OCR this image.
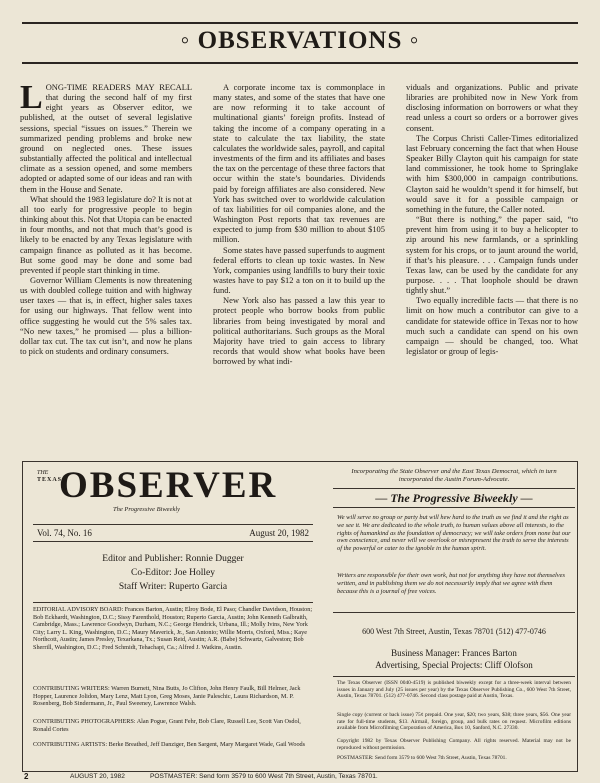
◦ OBSERVATIONS ◦

LONG-TIME READERS MAY RECALL that during the second half of my first eight years as Observer editor, we published, at the outset of several legislative sessions, special “issues on issues.” Therein we summarized pending problems and broke new ground on neglected ones. These issues substantially affected the political and intellectual climate as a session opened, and some members adopted or adapted some of our ideas and ran with them in the House and Senate.

What should the 1983 legislature do? It is not at all too early for progressive people to begin thinking about this. Not that Utopia can be enacted in four months, and not that much that’s good is likely to be enacted by any Texas legislature with campaign finance as polluted as it has become. But some good may be done and some bad prevented if people start thinking in time.

Governor William Clements is now threatening us with doubled college tuition and with highway user taxes — that is, in effect, higher sales taxes for using our highways. That fellow went into office suggesting he would cut the 5% sales tax. “No new taxes,” he promised — plus a billion-dollar tax cut. The tax cut isn’t, and now he plans to pick on students and ordinary consumers.

A corporate income tax is commonplace in many states, and some of the states that have one are now reforming it to take account of multinational giants’ foreign profits. Instead of taking the income of a company operating in a state to calculate the tax liability, the state calculates the worldwide sales, payroll, and capital investments of the firm and its affiliates and bases the tax on the percentage of these three factors that occur within the state’s boundaries. Dividends paid by foreign affiliates are also considered. New York has switched over to worldwide calculation of tax liabilities for oil companies alone, and the Washington Post reports that tax revenues are expected to jump from $30 million to about $105 million.

Some states have passed superfunds to augment federal efforts to clean up toxic wastes. In New York, companies using landfills to bury their toxic wastes have to pay $12 a ton on it to build up the fund.

New York also has passed a law this year to protect people who borrow books from public libraries from being investigated by moral and political authoritarians. Such groups as the Moral Majority have tried to gain access to library records that would show what books have been borrowed by what indi-

viduals and organizations. Public and private libraries are prohibited now in New York from disclosing information on borrowers or what they read unless a court so orders or a borrower gives consent.

The Corpus Christi Caller-Times editorialized last February concerning the fact that when House Speaker Billy Clayton quit his campaign for state land commissioner, he took home to Springlake with him $300,000 in campaign contributions. Clayton said he wouldn’t spend it for himself, but would save it for a possible campaign or something in the future, the Caller noted.

“But there is nothing,” the paper said, “to prevent him from using it to buy a helicopter to zip around his new farmlands, or a sprinkling system for his crops, or to jaunt around the world, if that’s his pleasure. . . . Campaign funds under Texas law, can be used by the candidate for any purpose. . . . That loophole should be drawn tightly shut.”

Two equally incredible facts — that there is no limit on how much a contributor can give to a candidate for statewide office in Texas nor to how much such a candidate can spend on his own campaign — should be changed, too. What legislator or group of legis-

THE
TEXAS
OBSERVER
The Progressive Biweekly
Vol. 74, No. 16	August 20, 1982
Editor and Publisher: Ronnie Dugger
Co-Editor: Joe Holley
Staff Writer: Ruperto Garcia
EDITORIAL ADVISORY BOARD: Frances Barton, Austin; Elroy Bode, El Paso; Chandler Davidson, Houston; Bob Eckhardt, Washington, D.C.; Sissy Farenthold, Houston; Ruperto Garcia, Austin; John Kenneth Galbraith, Cambridge, Mass.; Lawrence Goodwyn, Durham, N.C.; George Hendrick, Urbana, Ill.; Molly Ivins, New York City; Larry L. King, Washington, D.C.; Maury Maverick, Jr., San Antonio; Willie Morris, Oxford, Miss.; Kaye Northcott, Austin; James Presley, Texarkana, Tx.; Susan Reid, Austin; A.R. (Babe) Schwartz, Galveston; Bob Sherrill, Washington, D.C.; Fred Schmidt, Tehachapi, Ca.; Alfred J. Watkins, Austin.
CONTRIBUTING WRITERS: Warren Burnett, Nina Butts, Jo Clifton, John Henry Faulk, Bill Helmer, Jack Hopper, Laurence Jolidon, Mary Lenz, Matt Lyon, Greg Moses, Janie Paleschic, Laura Richardson, M. P. Rosenberg, Bob Sindermann, Jr., Paul Sweeney, Lawrence Walsh.
CONTRIBUTING PHOTOGRAPHERS: Alan Pogue, Grant Fehr, Bob Clare, Russell Lee, Scott Van Osdol, Ronald Cortes
CONTRIBUTING ARTISTS: Berke Breathed, Jeff Danziger, Ben Sargent, Mary Margaret Wade, Gail Woods
Incorporating the State Observer and the East Texas Democrat, which in turn incorporated the Austin Forum-Advocate.
— The Progressive Biweekly —
We will serve no group or party but will hew hard to the truth as we find it and the right as we see it. We are dedicated to the whole truth, to human values above all interests, to the rights of humankind as the foundation of democracy; we will take orders from none but our own conscience, and never will we overlook or misrepresent the truth to serve the interests of the powerful or cater to the ignoble in the human spirit.
Writers are responsible for their own work, but not for anything they have not themselves written, and in publishing them we do not necessarily imply that we agree with them because this is a journal of free voices.
600 West 7th Street, Austin, Texas 78701 (512) 477-0746
Business Manager: Frances Barton
Advertising, Special Projects: Cliff Olofson
The Texas Observer (ISSN 0040-4519) is published biweekly except for a three-week interval between issues in January and July (25 issues per year) by the Texas Observer Publishing Co., 600 West 7th Street, Austin, Texas 78701. (512) 477-0746. Second class postage paid at Austin, Texas.
Single copy (current or back issue) 75¢ prepaid. One year, $20; two years, $38; three years, $56. One year rate for full-time students, $13. Airmail, foreign, group, and bulk rates on request. Microfilm editions available from Microfilming Corporation of America, Box 10, Sanford, N.C. 27330.
Copyright 1982 by Texas Observer Publishing Company. All rights reserved. Material may not be reproduced without permission.
POSTMASTER: Send form 3579 to 600 West 7th Street, Austin, Texas 78701.
2	AUGUST 20, 1982	POSTMASTER: Send form 3579 to 600 West 7th Street, Austin, Texas 78701.
